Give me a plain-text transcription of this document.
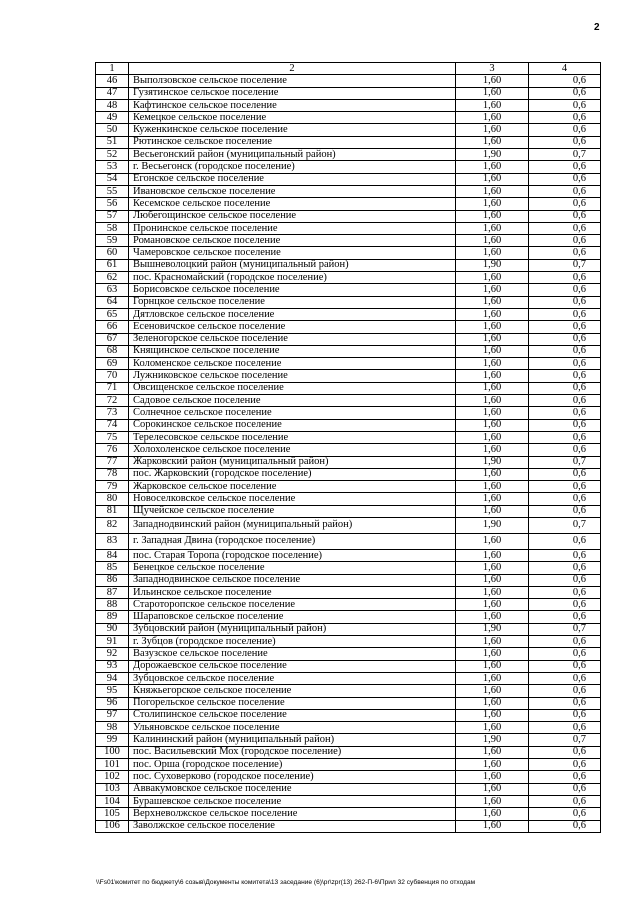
2
1	2	3	4
46	Выползовское сельское поселение	1,60	0,6
47	Гузятинское сельское поселение	1,60	0,6
48	Кафтинское сельское поселение	1,60	0,6
49	Кемецкое сельское поселение	1,60	0,6
50	Куженкинское сельское поселение	1,60	0,6
51	Рютинское сельское поселение	1,60	0,6
52	Весьегонский район (муниципальный район)	1,90	0,7
53	г. Весьегонск (городское поселение)	1,60	0,6
54	Егонское сельское поселение	1,60	0,6
55	Ивановское сельское поселение	1,60	0,6
56	Кесемское сельское поселение	1,60	0,6
57	Любегощинское сельское поселение	1,60	0,6
58	Пронинское сельское поселение	1,60	0,6
59	Романовское сельское поселение	1,60	0,6
60	Чамеровское сельское поселение	1,60	0,6
61	Вышневолоцкий район (муниципальный район)	1,90	0,7
62	пос. Красномайский (городское поселение)	1,60	0,6
63	Борисовское сельское поселение	1,60	0,6
64	Горнцкое сельское поселение	1,60	0,6
65	Дятловское сельское поселение	1,60	0,6
66	Есеновичское сельское поселение	1,60	0,6
67	Зеленогорское сельское поселение	1,60	0,6
68	Княщинское сельское поселение	1,60	0,6
69	Коломенское сельское поселение	1,60	0,6
70	Лужниковское сельское поселение	1,60	0,6
71	Овсищенское сельское поселение	1,60	0,6
72	Садовое сельское поселение	1,60	0,6
73	Солнечное сельское поселение	1,60	0,6
74	Сорокинское сельское поселение	1,60	0,6
75	Терелесовское сельское поселение	1,60	0,6
76	Холохоленское сельское поселение	1,60	0,6
77	Жарковский район (муниципальный район)	1,90	0,7
78	пос. Жарковский (городское поселение)	1,60	0,6
79	Жарковское сельское поселение	1,60	0,6
80	Новоселковское сельское поселение	1,60	0,6
81	Щучейское сельское поселение	1,60	0,6
82	Западнодвинский район (муниципальный район)	1,90	0,7
83	г. Западная Двина (городское поселение)	1,60	0,6
84	пос. Старая Торопа (городское поселение)	1,60	0,6
85	Бенецкое сельское поселение	1,60	0,6
86	Западнодвинское сельское поселение	1,60	0,6
87	Ильинское сельское поселение	1,60	0,6
88	Староторопское сельское поселение	1,60	0,6
89	Шараповское сельское поселение	1,60	0,6
90	Зубцовский район (муниципальный район)	1,90	0,7
91	г. Зубцов (городское поселение)	1,60	0,6
92	Вазузское сельское поселение	1,60	0,6
93	Дорожаевское сельское поселение	1,60	0,6
94	Зубцовское сельское поселение	1,60	0,6
95	Княжьегорское сельское поселение	1,60	0,6
96	Погорельское сельское поселение	1,60	0,6
97	Столипинское сельское поселение	1,60	0,6
98	Ульяновское сельское поселение	1,60	0,6
99	Калининский район (муниципальный район)	1,90	0,7
100	пос. Васильевский Мох (городское поселение)	1,60	0,6
101	пос. Орша (городское поселение)	1,60	0,6
102	пос. Суховерково (городское поселение)	1,60	0,6
103	Аввакумовское сельское поселение	1,60	0,6
104	Бурашевское сельское поселение	1,60	0,6
105	Верхневолжское сельское поселение	1,60	0,6
106	Заволжское сельское поселение	1,60	0,6
\\Fs01\комитет по бюджету\6 созыв\Документы комитета\13 заседание (6)\pr\zpr(13) 262-П-6\Прил 32 субвенция по отходам
